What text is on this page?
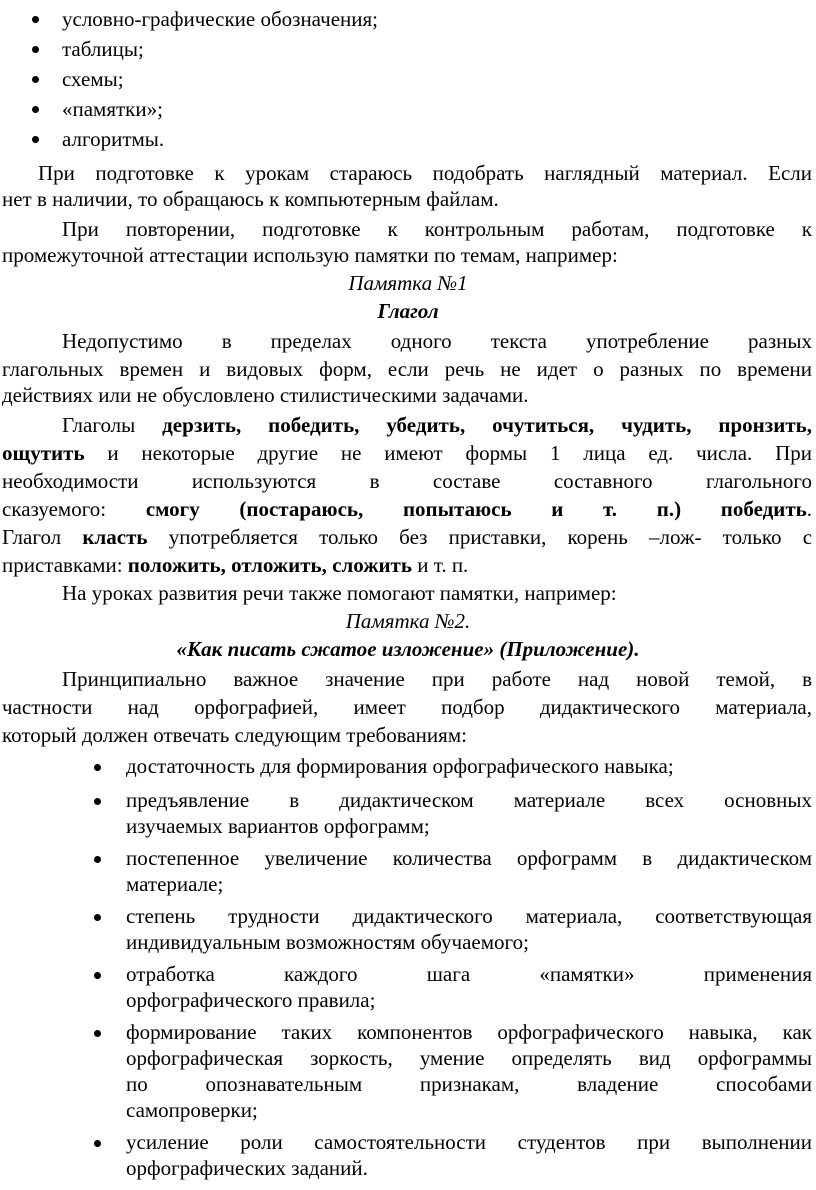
условно-графические обозначения;
таблицы;
схемы;
«памятки»;
алгоритмы.
При подготовке к урокам стараюсь подобрать наглядный материал. Если
нет в наличии, то обращаюсь к компьютерным файлам.
При повторении, подготовке к контрольным работам, подготовке к
промежуточной аттестации использую памятки по темам, например:
Памятка №1
Глагол
Недопустимо в пределах одного текста употребление разных
глагольных времен и видовых форм, если речь не идет о разных по времени
действиях или не обусловлено стилистическими задачами.
Глаголы дерзить, победить, убедить, очутиться, чудить, пронзить,
ощутить и некоторые другие не имеют формы 1 лица ед. числа. При
необходимости используются в составе составного глагольного
сказуемого: смогу (постараюсь, попытаюсь и т. п.) победить.
Глагол класть употребляется только без приставки, корень –лож- только с
приставками: положить, отложить, сложить и т. п.
На уроках развития речи также помогают памятки, например:
Памятка №2.
«Как писать сжатое изложение» (Приложение).
Принципиально важное значение при работе над новой темой, в
частности над орфографией, имеет подбор дидактического материала,
который должен отвечать следующим требованиям:
достаточность для формирования орфографического навыка;
предъявление в дидактическом материале всех основных
изучаемых вариантов орфограмм;
постепенное увеличение количества орфограмм в дидактическом
материале;
степень трудности дидактического материала, соответствующая
индивидуальным возможностям обучаемого;
отработка каждого шага «памятки» применения
орфографического правила;
формирование таких компонентов орфографического навыка, как
орфографическая зоркость, умение определять вид орфограммы
по опознавательным признакам, владение способами
самопроверки;
усиление роли самостоятельности студентов при выполнении
орфографических заданий.
